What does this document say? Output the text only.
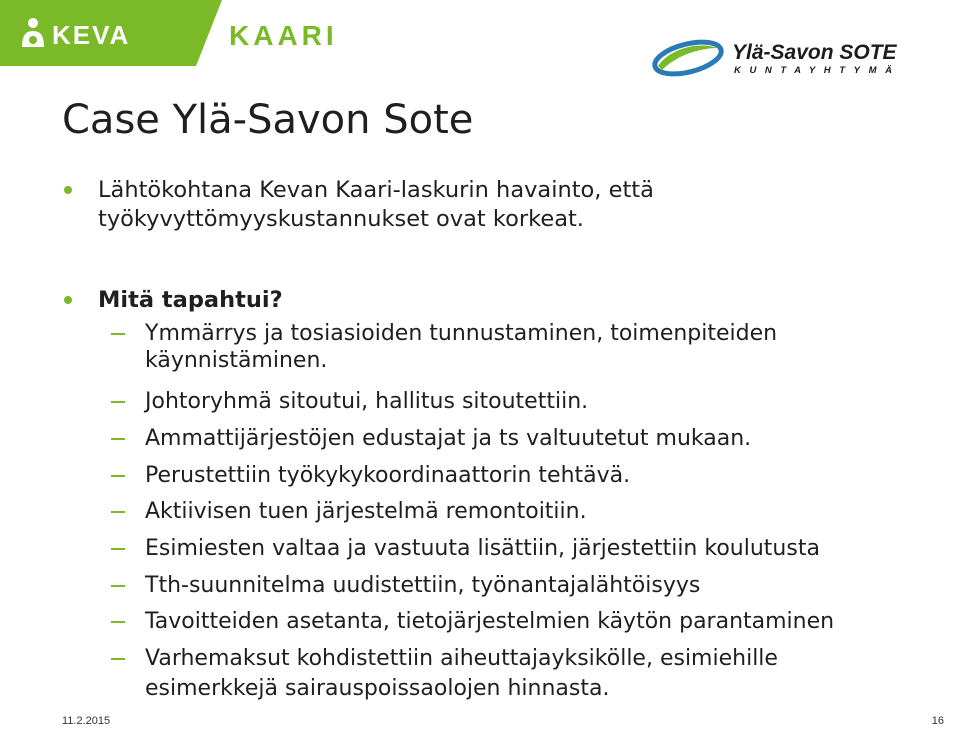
KEVA	KAARI
Ylä-Savon SOTE
KUNTAYHTYMÄ
Case Ylä-Savon Sote
Lähtökohtana Kevan Kaari-laskurin havainto, että
työkyvyttömyyskustannukset ovat korkeat.
Mitä tapahtui?
Ymmärrys ja tosiasioiden tunnustaminen, toimenpiteiden
käynnistäminen.
Johtoryhmä sitoutui, hallitus sitoutettiin.
Ammattijärjestöjen edustajat ja ts valtuutetut mukaan.
Perustettiin työkykykoordinaattorin tehtävä.
Aktiivisen tuen järjestelmä remontoitiin.
Esimiesten valtaa ja vastuuta lisättiin, järjestettiin koulutusta
Tth-suunnitelma uudistettiin, työnantajalähtöisyys
Tavoitteiden asetanta, tietojärjestelmien käytön parantaminen
Varhemaksut kohdistettiin aiheuttajayksikölle, esimiehille
esimerkkejä sairauspoissaolojen hinnasta.
11.2.2015	16
